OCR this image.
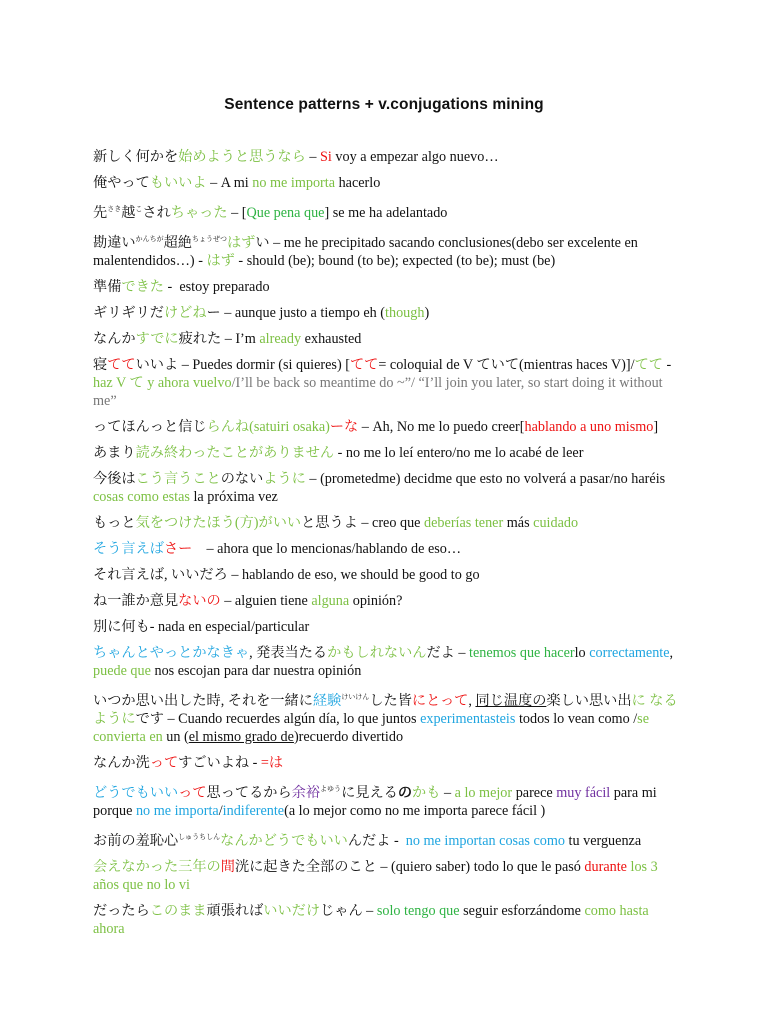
Sentence patterns + v.conjugations mining
新しく何かを始めようと思うなら – Si voy a empezar algo nuevo…
俺やってもいいよ – A mi no me importa hacerlo
先$^{さき}$越$^こ$されちゃった – [Que pena que] se me ha adelantado
勘違い$^{かんちが}$超絶$^{ちょうぜつ}$はずい – me he precipitado sacando conclusiones(debo ser excelente en malentendidos…) - はず - should (be); bound (to be); expected (to be); must (be)
準備できた -  estoy preparado
ギリギリだけどねー – aunque justo a tiempo eh (though)
なんかすでに疲れた – I’m already exhausted
寝てていいよ – Puedes dormir (si quieres) [てて= coloquial de V ていて(mientras haces V)]/てて - haz V て y ahora vuelvo/I’ll be back so meantime do ~”/ “I’ll join you later, so start doing it without me”
ってほんっと信じらんね(satuiri osaka)ーな – Ah, No me lo puedo creer[hablando a uno mismo]
あまり読み終わったことがありません - no me lo leí entero/no me lo acabé de leer
今後はこう言うことのないように – (prometedme) decidme que esto no volverá a pasar/no haréis cosas como estas la próxima vez
もっと気をつけたほう(方)がいいと思うよ – creo que deberías tener más cuidado
そう言えばさー    – ahora que lo mencionas/hablando de eso…
それ言えば, いいだろ – hablando de eso, we should be good to go
ね一誰か意見ないの – alguien tiene alguna opinión?
別に何も- nada en especial/particular
ちゃんとやっとかなきゃ, 発表当たるかもしれないんだよ – tenemos que hacerlo correctamente, puede que nos escojan para dar nuestra opinión
いつか思い出した時, それを一緒に経験$^{けいけん}$した皆にとって, 同じ温度の楽しい思い出に なるようにです – Cuando recuerdes algún día, lo que juntos experimentasteis todos lo vean como /se convierta en un (el mismo grado de)recuerdo divertido
なんか洗ってすごいよね - =は
どうでもいいって思ってるから余裕$^{よゆう}$に見えるのかも – a lo mejor parece muy fácil para mi porque no me importa/indiferente(a lo mejor como no me importa parece fácil )
お前の羞恥心$^{しゅうちしん}$なんかどうでもいいんだよ -  no me importan cosas como tu verguenza
会えなかった三年の間洸に起きた全部のこと – (quiero saber) todo lo que le pasó durante los 3 años que no lo vi
だったらこのまま頑張ればいいだけじゃん – solo tengo que seguir esforzándome como hasta ahora
